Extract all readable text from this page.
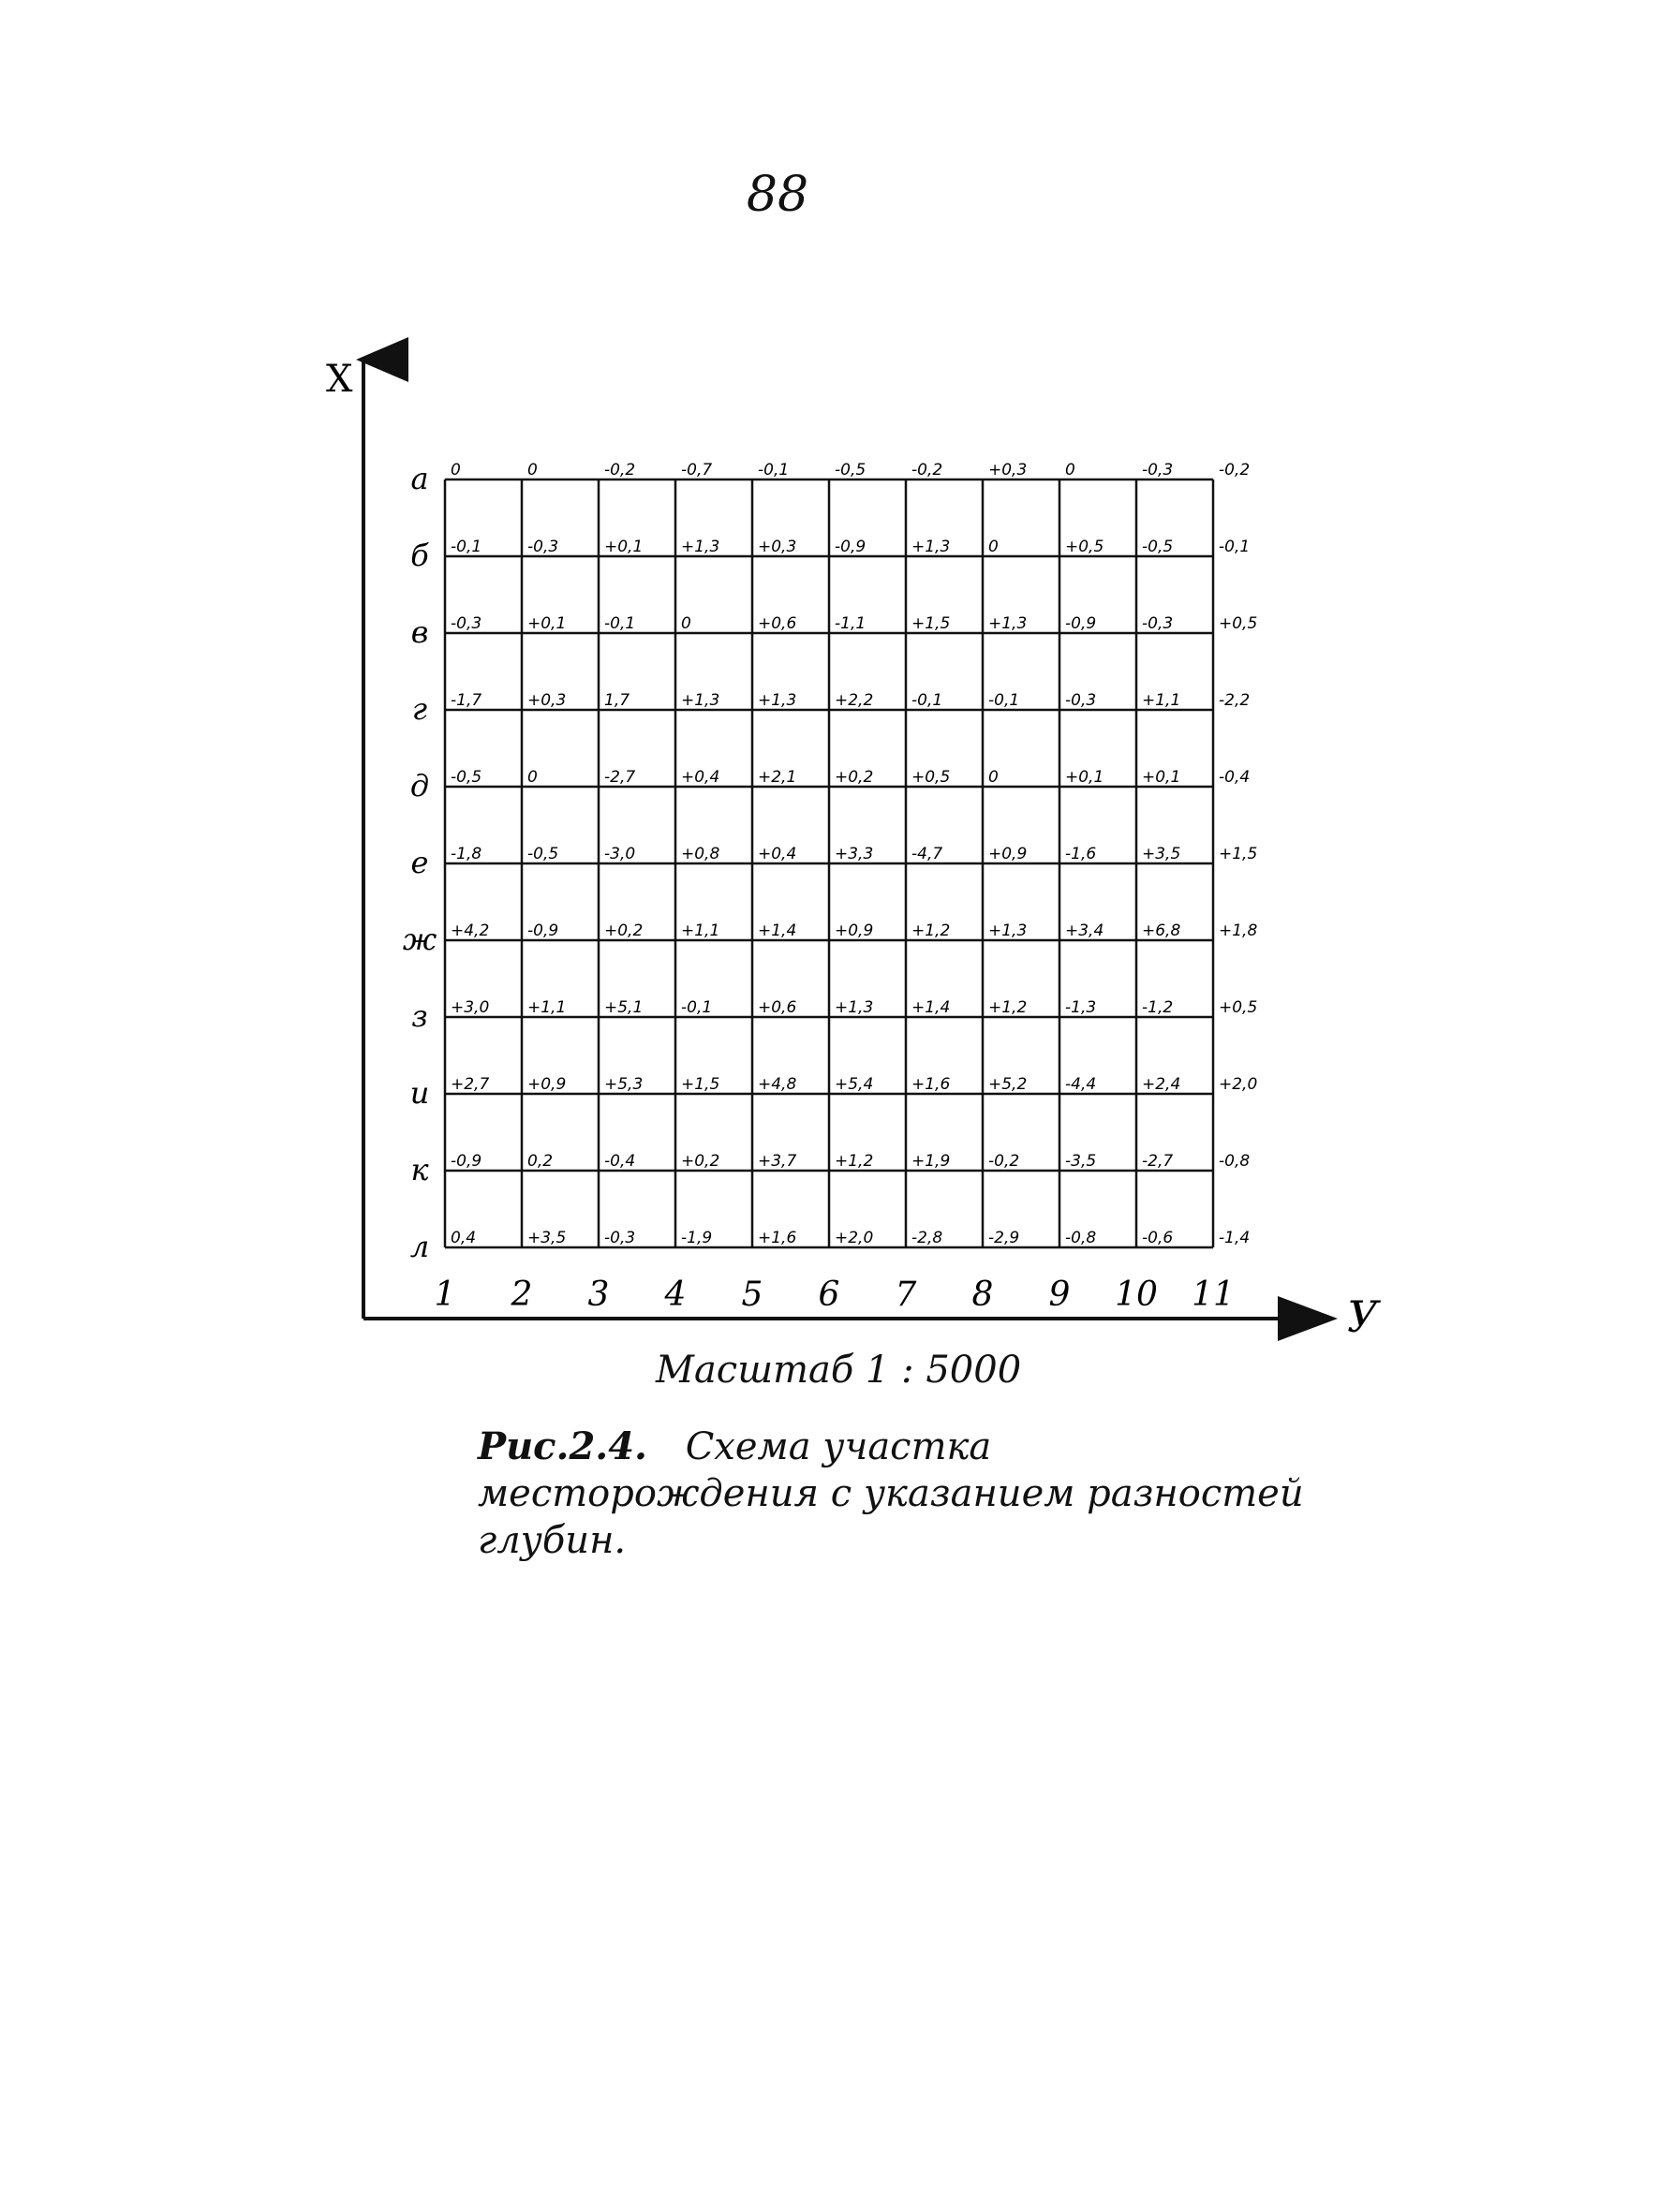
88
X
У
а
б
в
г
д
е
ж
з
и
к
л
1 2 3 4 5 6 7 8 9 10 11
0	0	-0,2	-0,7	-0,1	-0,5	-0,2	+0,3 0	-0,3	-0,2
-0,1	-0,3	+0,1 +1,3 +0,3 -0,9	+1,3 0	+0,5 -0,5	-0,1
-0,3	+0,1 -0,1	0	+0,6 -1,1	+1,5 +1,3 -0,9	-0,3	+0,5
-1,7	+0,3 1,7	+1,3 +1,3 +2,2 -0,1	-0,1	-0,3	+1,1 -2,2
-0,5	0	-2,7	+0,4 +2,1 +0,2 +0,5 0	+0,1 +0,1 -0,4
-1,8	-0,5	-3,0	+0,8 +0,4 +3,3 -4,7	+0,9 -1,6	+3,5 +1,5
+4,2 -0,9	+0,2 +1,1 +1,4 +0,9 +1,2 +1,3 +3,4 +6,8 +1,8
+3,0 +1,1 +5,1 -0,1	+0,6 +1,3 +1,4 +1,2 -1,3	-1,2	+0,5
+2,7 +0,9 +5,3 +1,5 +4,8 +5,4 +1,6 +5,2 -4,4	+2,4 +2,0
-0,9	0,2	-0,4	+0,2 +3,7 +1,2 +1,9 -0,2	-3,5	-2,7	-0,8
0,4	+3,5 -0,3	-1,9	+1,6 +2,0 -2,8	-2,9	-0,8	-0,6	-1,4
Масштаб 1 : 5000
Рис.2.4. Схема участка месторождения с указанием разностей глубин.
